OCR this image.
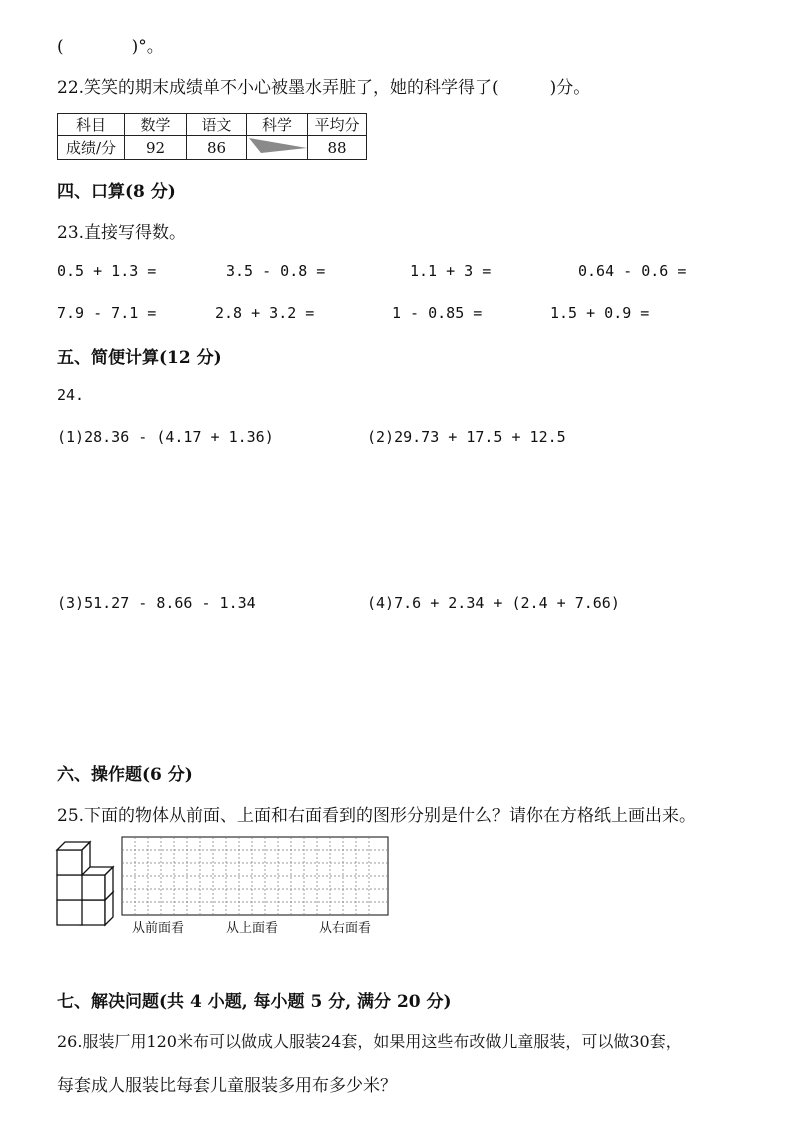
(　　　　)°。
22.笑笑的期末成绩单不小心被墨水弄脏了，她的科学得了(　　　)分。
科目	数学	语文	科学	平均分
成绩/分	92	86		88
四、口算(8 分)
23.直接写得数。
0.5 + 1.3 =	3.5 - 0.8 =	1.1 + 3 =	0.64 - 0.6 =
7.9 - 7.1 =	2.8 + 3.2 =	1 - 0.85 =	1.5 + 0.9 =
五、简便计算(12 分)
24.
(1)28.36 - (4.17 + 1.36)	(2)29.73 + 17.5 + 12.5
(3)51.27 - 8.66 - 1.34	(4)7.6 + 2.34 + (2.4 + 7.66)
六、操作题(6 分)
25.下面的物体从前面、上面和右面看到的图形分别是什么？请你在方格纸上画出来。
从前面看	从上面看	从右面看
七、解决问题(共 4 小题, 每小题 5 分, 满分 20 分)
26.服装厂用120米布可以做成人服装24套，如果用这些布改做儿童服装，可以做30套，
每套成人服装比每套儿童服装多用布多少米？
